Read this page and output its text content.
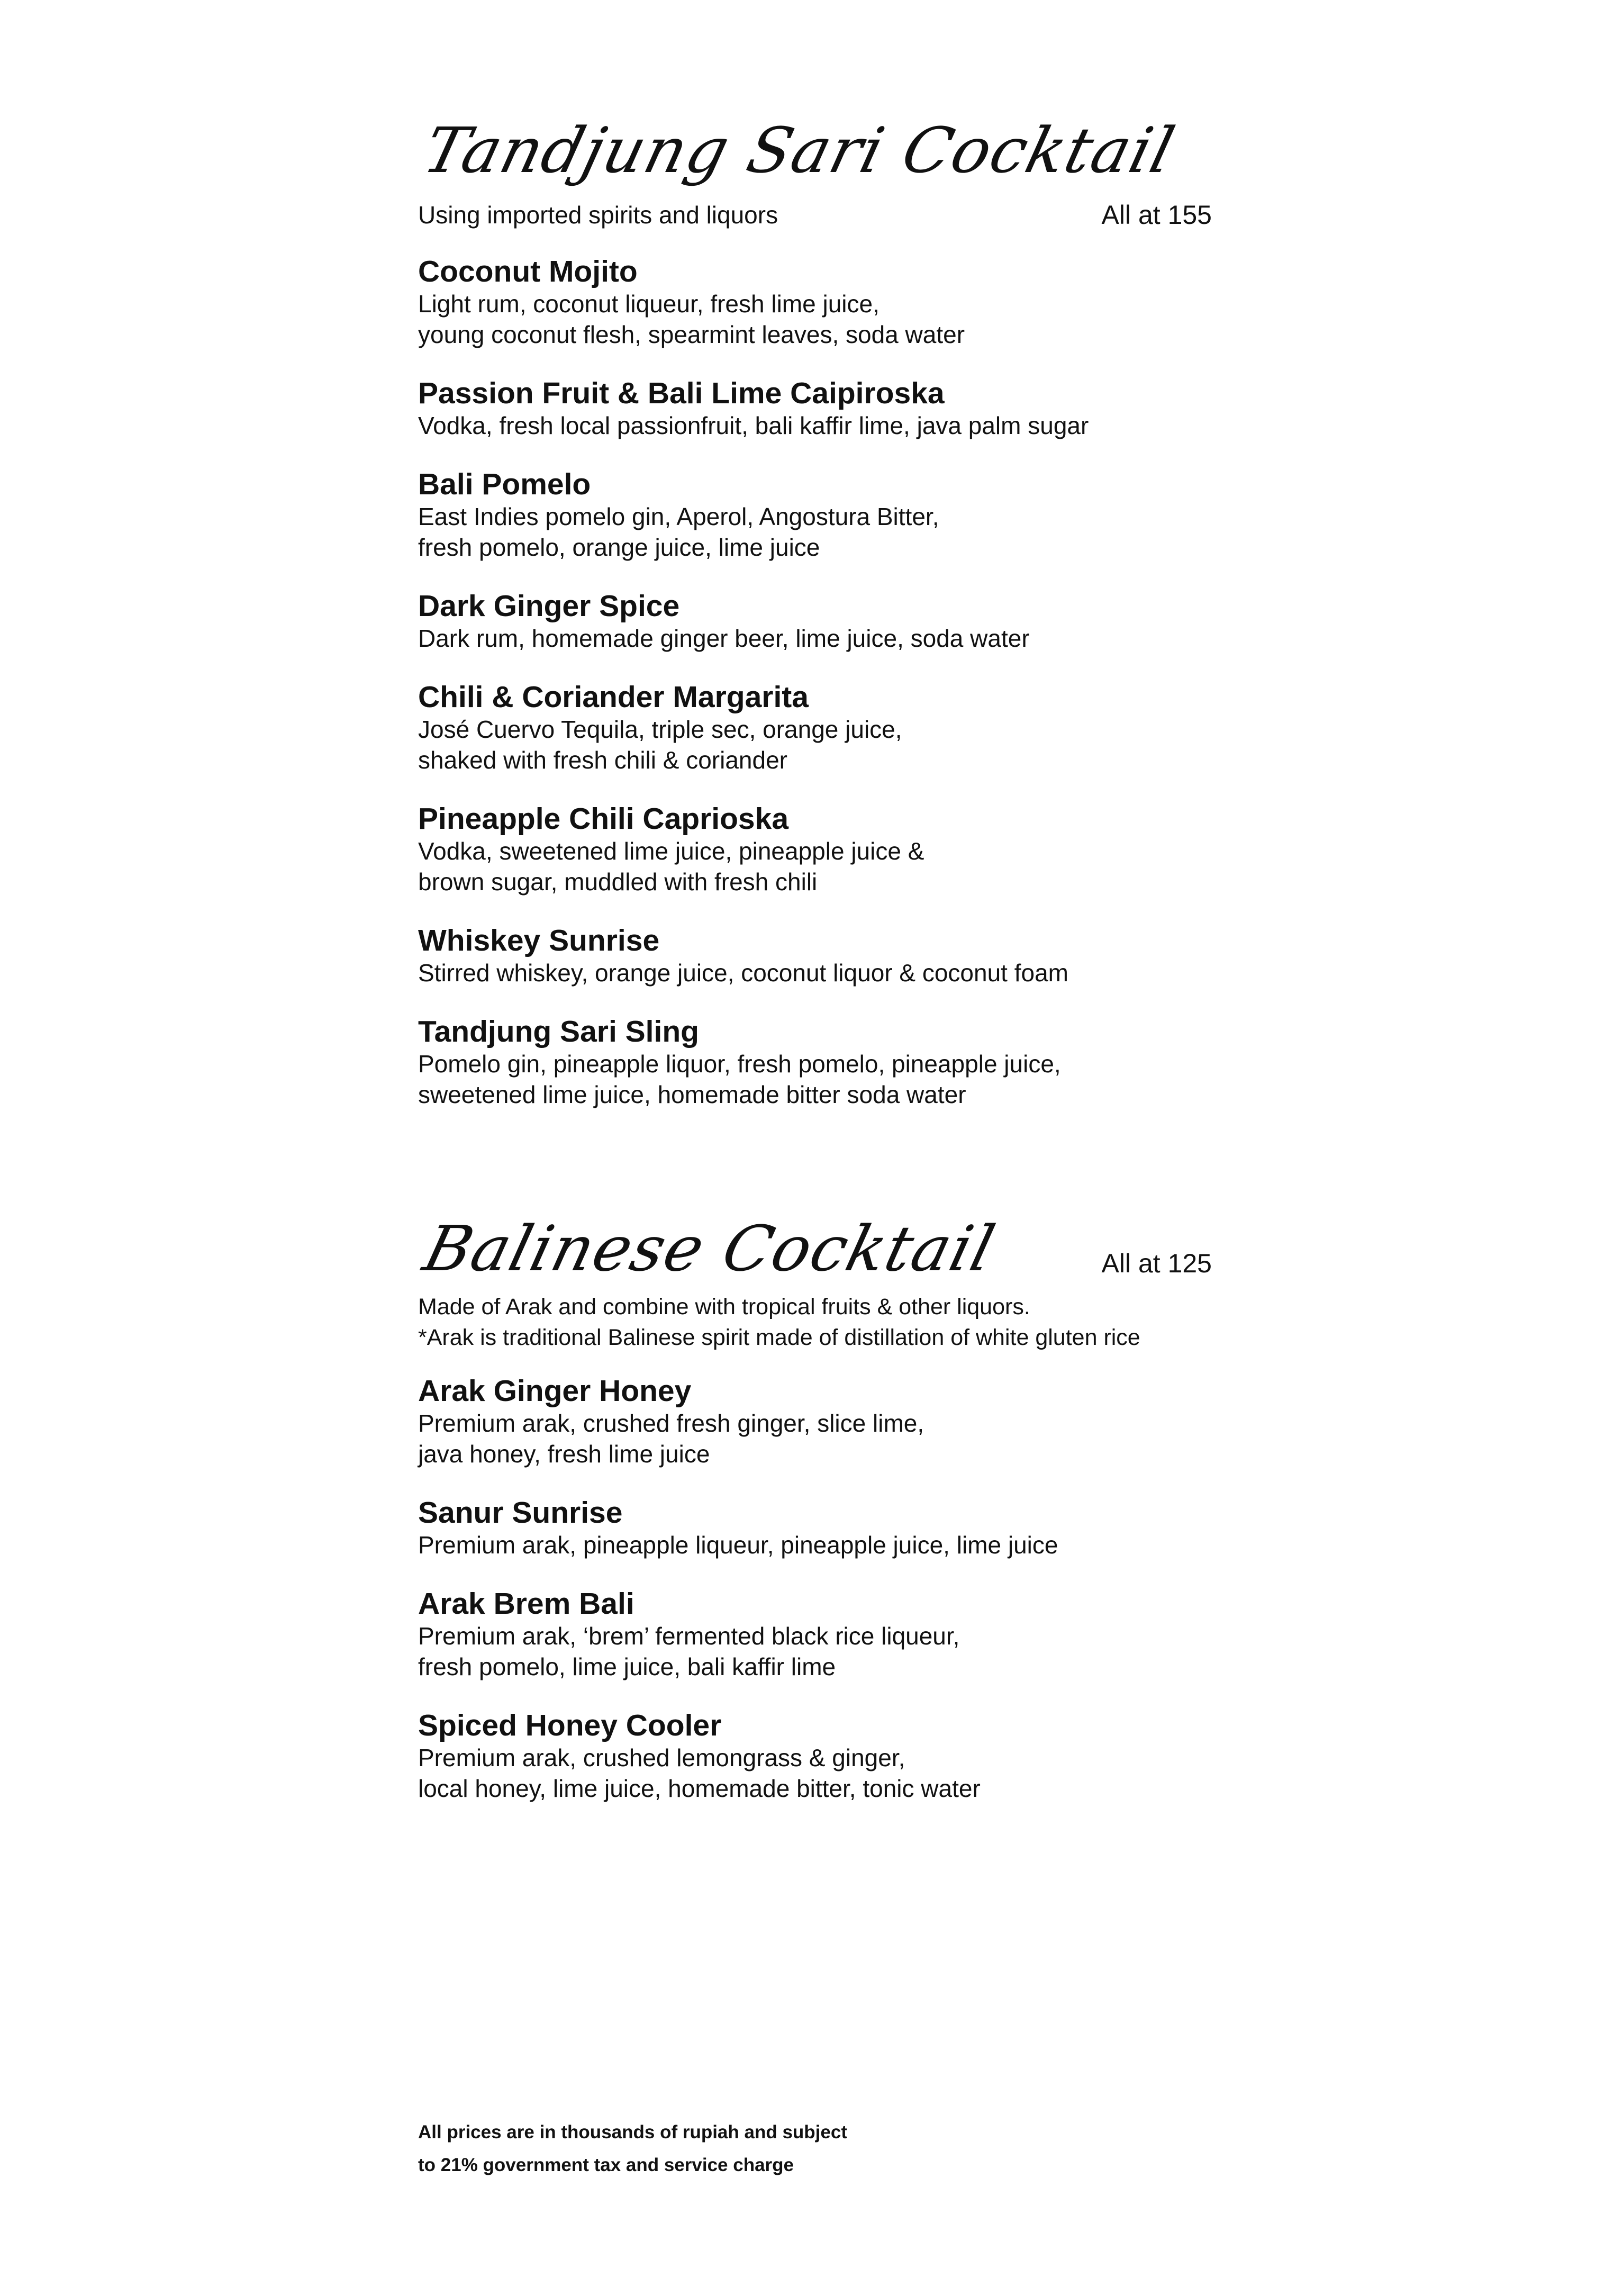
Tandjung Sari Cocktail
Using imported spirits and liquors	All at 155
Coconut Mojito
Light rum, coconut liqueur, fresh lime juice,
young coconut flesh, spearmint leaves, soda water
Passion Fruit & Bali Lime Caipiroska
Vodka, fresh local passionfruit, bali kaffir lime, java palm sugar
Bali Pomelo
East Indies pomelo gin, Aperol, Angostura Bitter,
fresh pomelo, orange juice, lime juice
Dark Ginger Spice
Dark rum, homemade ginger beer, lime juice, soda water
Chili & Coriander Margarita
José Cuervo Tequila, triple sec, orange juice,
shaked with fresh chili & coriander
Pineapple Chili Caprioska
Vodka, sweetened lime juice, pineapple juice &
brown sugar, muddled with fresh chili
Whiskey Sunrise
Stirred whiskey, orange juice, coconut liquor & coconut foam
Tandjung Sari Sling
Pomelo gin, pineapple liquor, fresh pomelo, pineapple juice,
sweetened lime juice, homemade bitter soda water
Balinese Cocktail	All at 125
Made of Arak and combine with tropical fruits & other liquors.
*Arak is traditional Balinese spirit made of distillation of white gluten rice
Arak Ginger Honey
Premium arak, crushed fresh ginger, slice lime,
java honey, fresh lime juice
Sanur Sunrise
Premium arak, pineapple liqueur, pineapple juice, lime juice
Arak Brem Bali
Premium arak, ‘brem’ fermented black rice liqueur,
fresh pomelo, lime juice, bali kaffir lime
Spiced Honey Cooler
Premium arak, crushed lemongrass & ginger,
local honey, lime juice, homemade bitter, tonic water
All prices are in thousands of rupiah and subject
to 21% government tax and service charge
